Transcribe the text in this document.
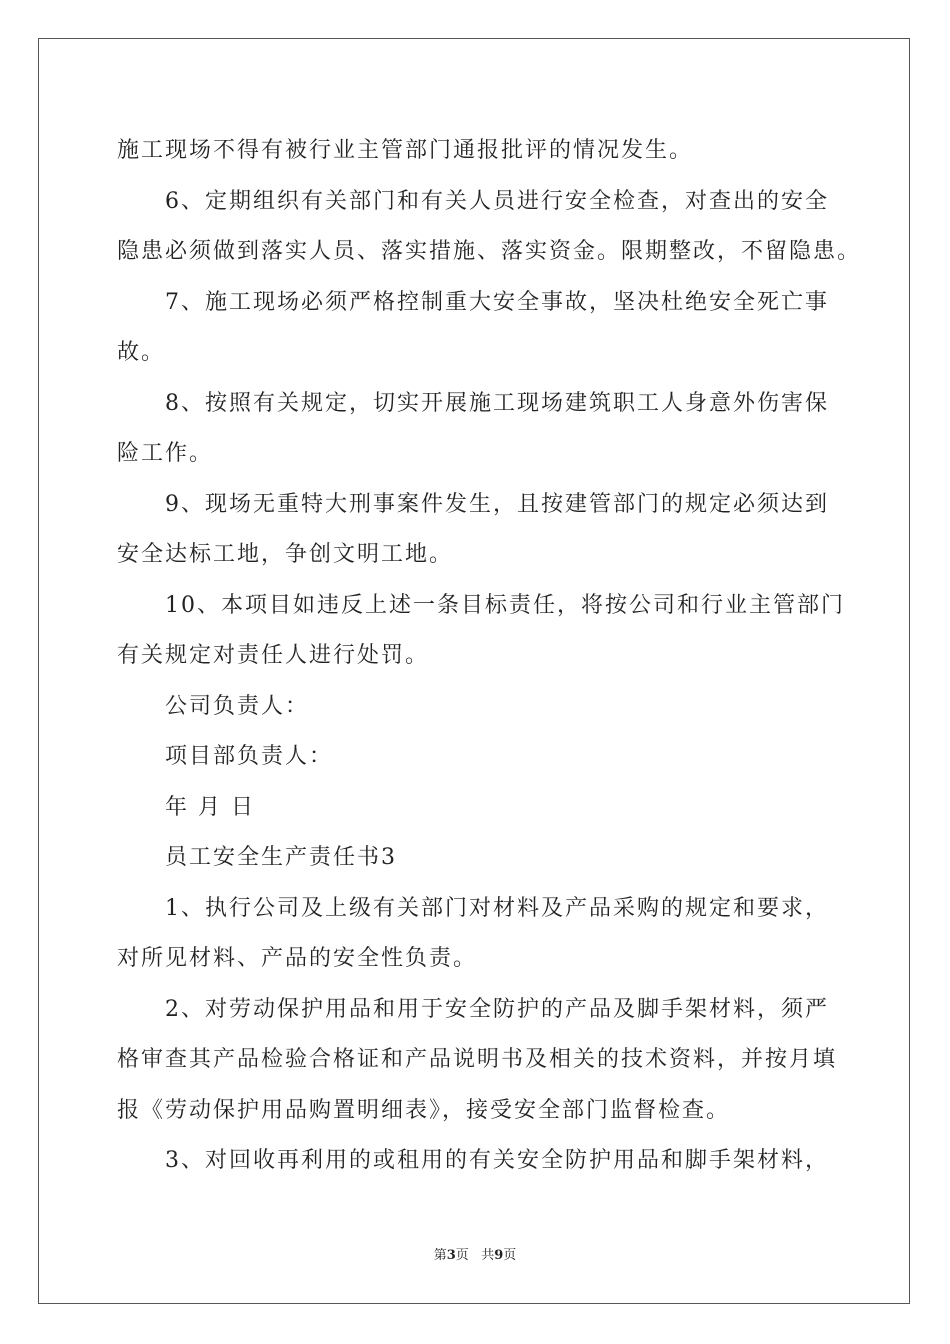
施工现场不得有被行业主管部门通报批评的情况发生。
6、定期组织有关部门和有关人员进行安全检查，对查出的安全
隐患必须做到落实人员、落实措施、落实资金。限期整改，不留隐患。
7、施工现场必须严格控制重大安全事故，坚决杜绝安全死亡事
故。
8、按照有关规定，切实开展施工现场建筑职工人身意外伤害保
险工作。
9、现场无重特大刑事案件发生，且按建管部门的规定必须达到
安全达标工地，争创文明工地。
10、本项目如违反上述一条目标责任，将按公司和行业主管部门
有关规定对责任人进行处罚。
公司负责人：
项目部负责人：
年 月 日
员工安全生产责任书3
1、执行公司及上级有关部门对材料及产品采购的规定和要求，
对所见材料、产品的安全性负责。
2、对劳动保护用品和用于安全防护的产品及脚手架材料，须严
格审查其产品检验合格证和产品说明书及相关的技术资料，并按月填
报《劳动保护用品购置明细表》，接受安全部门监督检查。
3、对回收再利用的或租用的有关安全防护用品和脚手架材料，
第3页 共9页
